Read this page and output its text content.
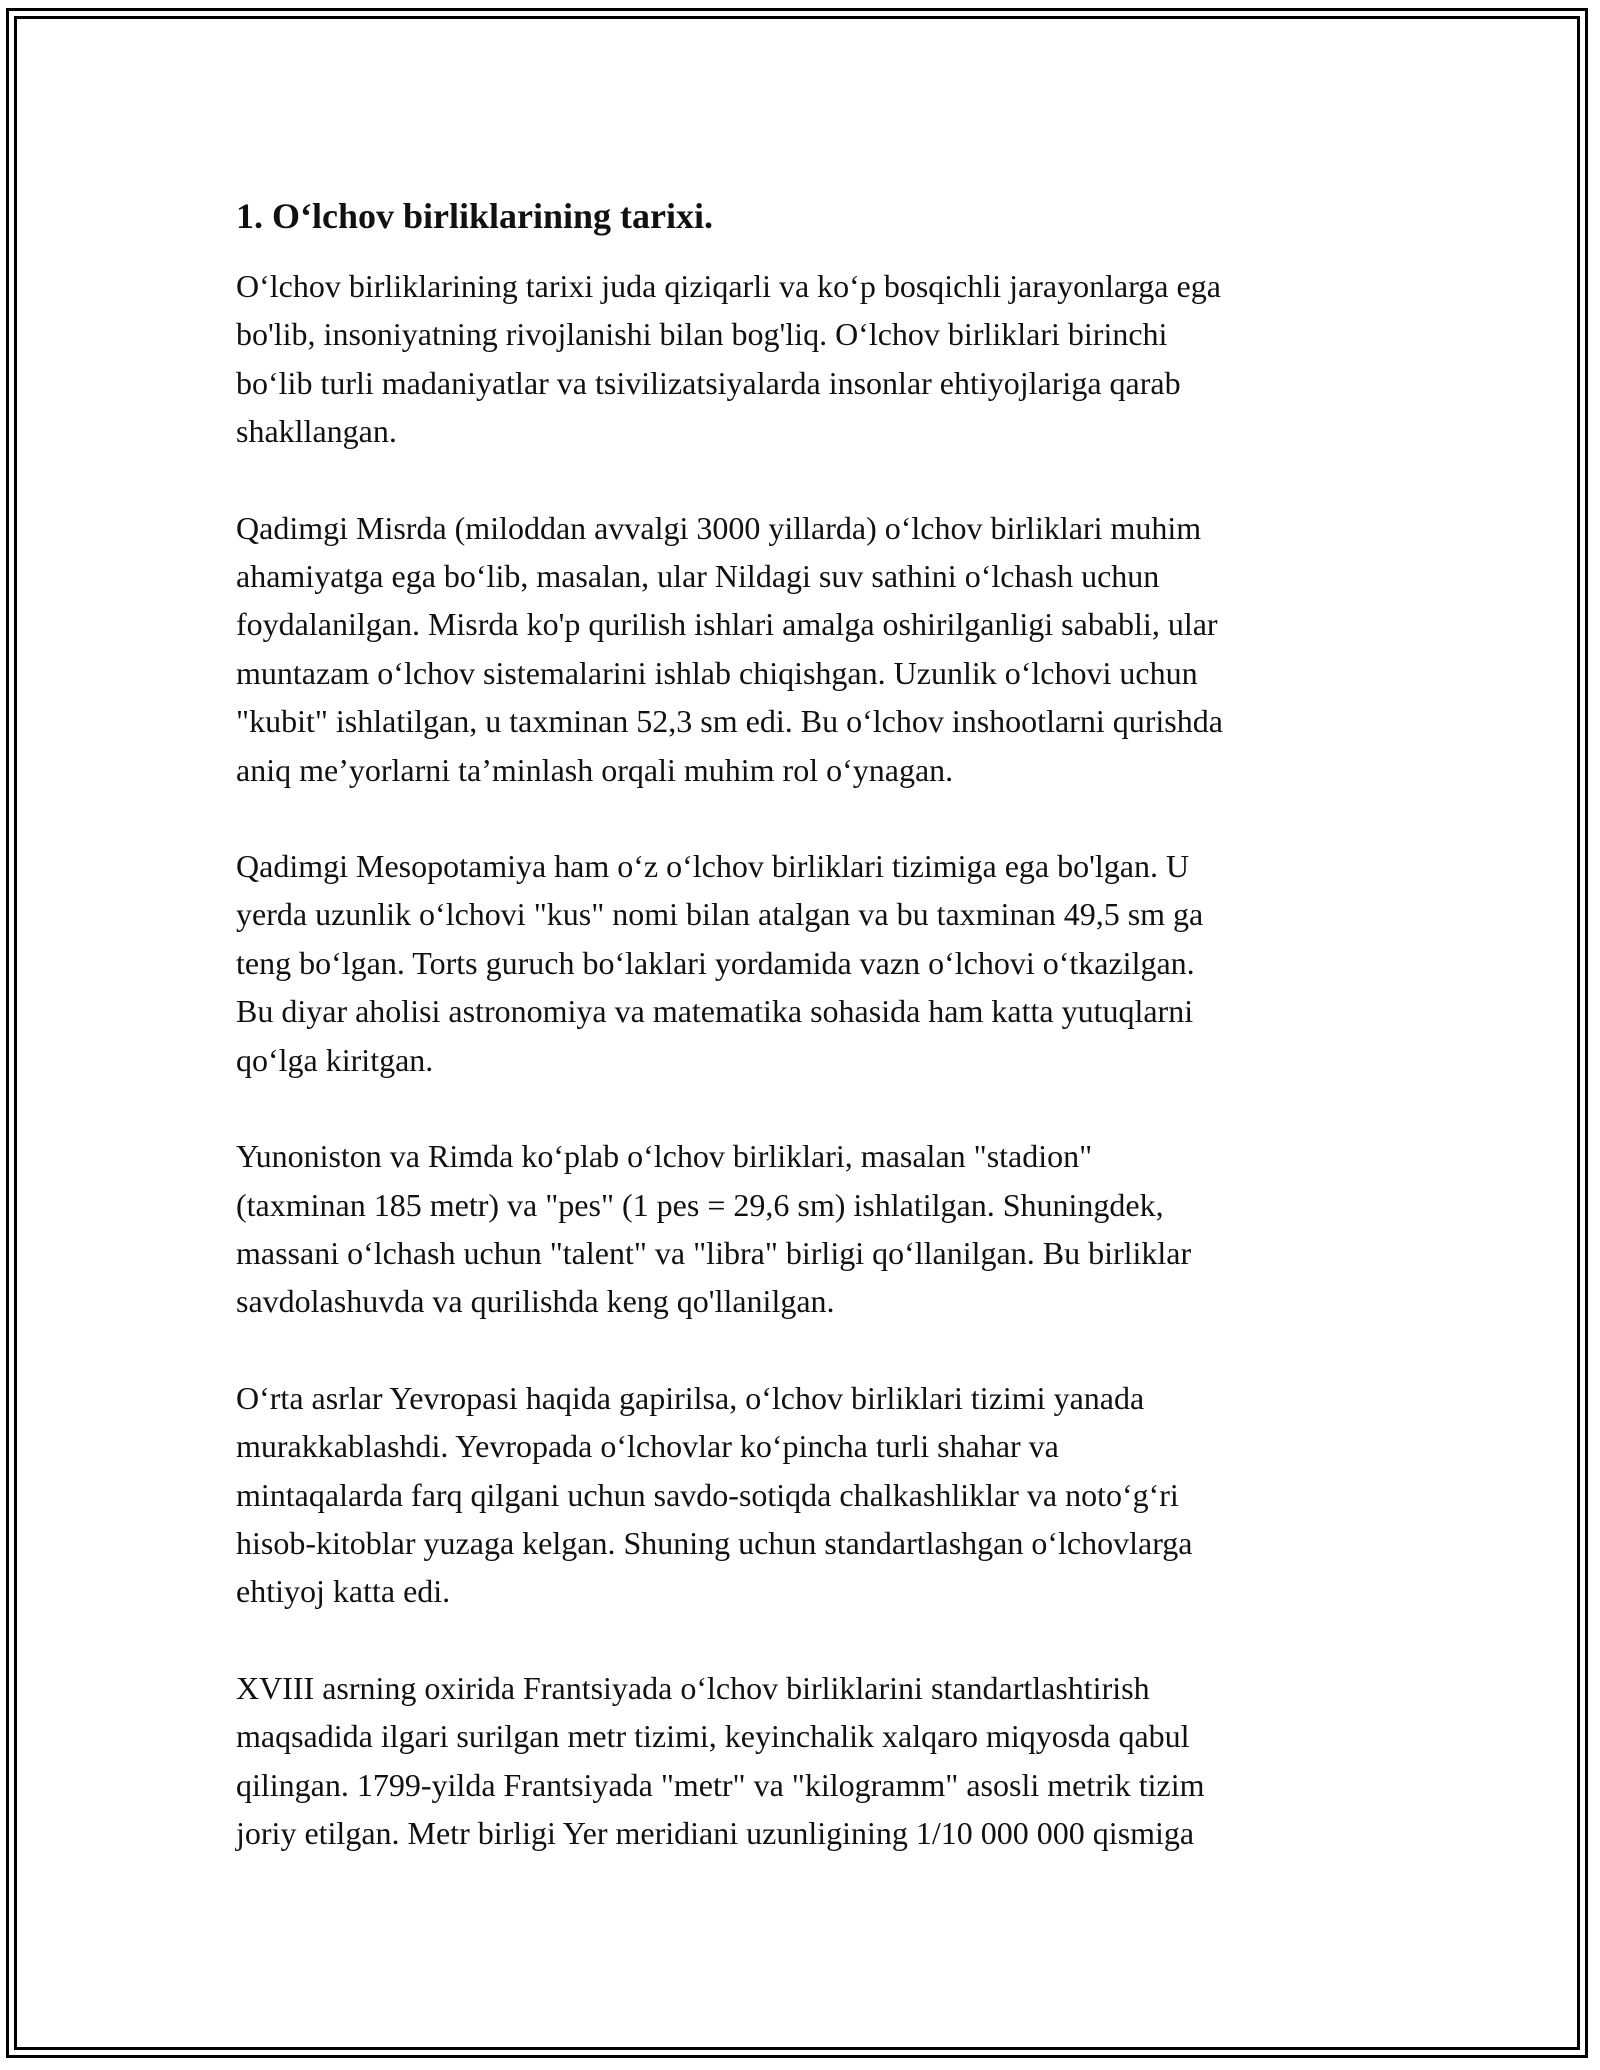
1. O‘lchov birliklarining tarixi.

O‘lchov birliklarining tarixi juda qiziqarli va ko‘p bosqichli jarayonlarga ega
bo'lib, insoniyatning rivojlanishi bilan bog'liq. O‘lchov birliklari birinchi
bo‘lib turli madaniyatlar va tsivilizatsiyalarda insonlar ehtiyojlariga qarab
shakllangan.

Qadimgi Misrda (miloddan avvalgi 3000 yillarda) o‘lchov birliklari muhim
ahamiyatga ega bo‘lib, masalan, ular Nildagi suv sathini o‘lchash uchun
foydalanilgan. Misrda ko'p qurilish ishlari amalga oshirilganligi sababli, ular
muntazam o‘lchov sistemalarini ishlab chiqishgan. Uzunlik o‘lchovi uchun
"kubit" ishlatilgan, u taxminan 52,3 sm edi. Bu o‘lchov inshootlarni qurishda
aniq me’yorlarni ta’minlash orqali muhim rol o‘ynagan.

Qadimgi Mesopotamiya ham o‘z o‘lchov birliklari tizimiga ega bo'lgan. U
yerda uzunlik o‘lchovi "kus" nomi bilan atalgan va bu taxminan 49,5 sm ga
teng bo‘lgan. Torts guruch bo‘laklari yordamida vazn o‘lchovi o‘tkazilgan.
Bu diyar aholisi astronomiya va matematika sohasida ham katta yutuqlarni
qo‘lga kiritgan.

Yunoniston va Rimda ko‘plab o‘lchov birliklari, masalan "stadion"
(taxminan 185 metr) va "pes" (1 pes = 29,6 sm) ishlatilgan. Shuningdek,
massani o‘lchash uchun "talent" va "libra" birligi qo‘llanilgan. Bu birliklar
savdolashuvda va qurilishda keng qo'llanilgan.

O‘rta asrlar Yevropasi haqida gapirilsa, o‘lchov birliklari tizimi yanada
murakkablashdi. Yevropada o‘lchovlar ko‘pincha turli shahar va
mintaqalarda farq qilgani uchun savdo-sotiqda chalkashliklar va noto‘g‘ri
hisob-kitoblar yuzaga kelgan. Shuning uchun standartlashgan o‘lchovlarga
ehtiyoj katta edi.

XVIII asrning oxirida Frantsiyada o‘lchov birliklarini standartlashtirish
maqsadida ilgari surilgan metr tizimi, keyinchalik xalqaro miqyosda qabul
qilingan. 1799-yilda Frantsiyada "metr" va "kilogramm" asosli metrik tizim
joriy etilgan. Metr birligi Yer meridiani uzunligining 1/10 000 000 qismiga
